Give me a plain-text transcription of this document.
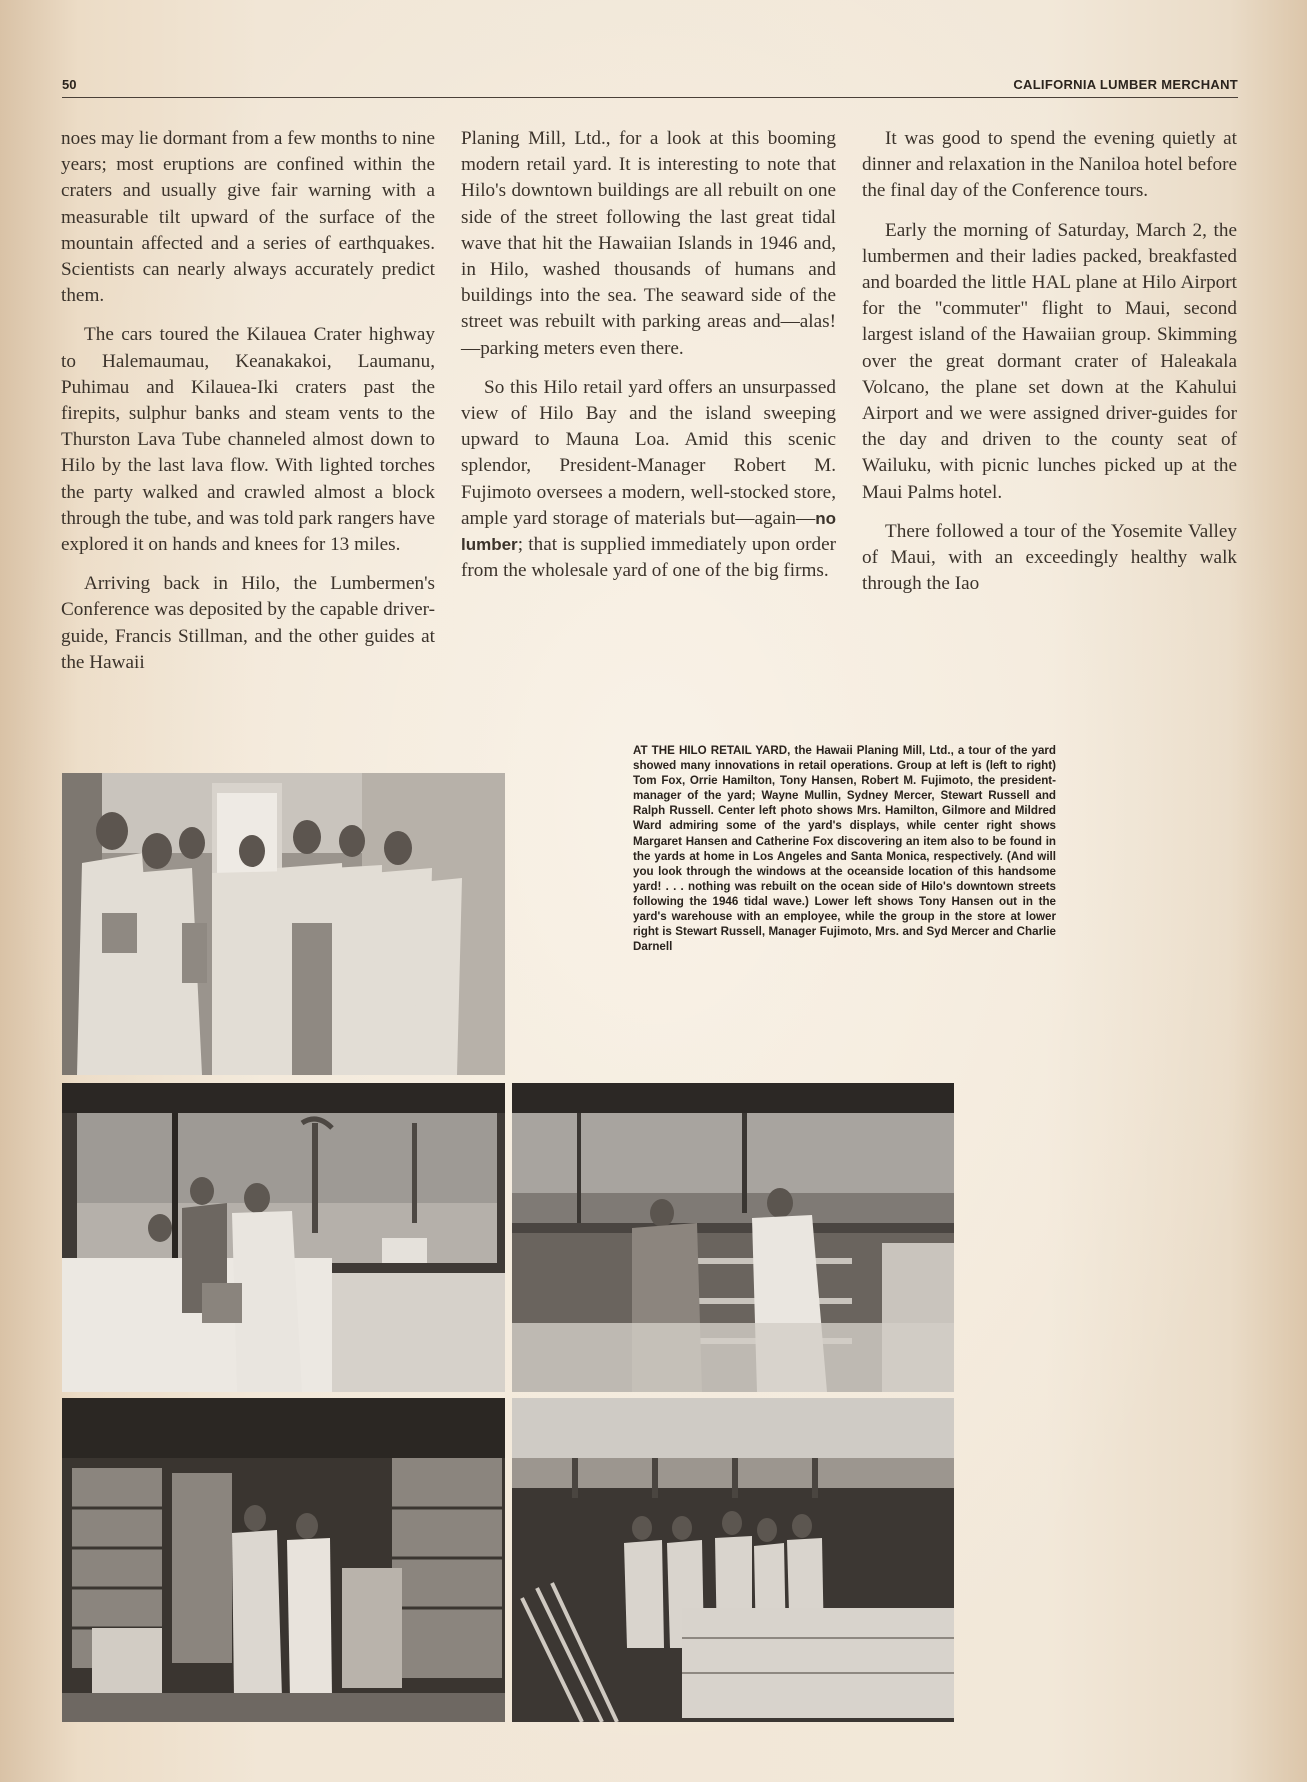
50	CALIFORNIA LUMBER MERCHANT

noes may lie dormant from a few months to nine years; most eruptions are confined within the craters and usually give fair warning with a measurable tilt upward of the surface of the mountain affected and a series of earthquakes. Scientists can nearly always accurately predict them.

The cars toured the Kilauea Crater highway to Halemaumau, Keanakakoi, Laumanu, Puhimau and Kilauea-Iki craters past the firepits, sulphur banks and steam vents to the Thurston Lava Tube channeled almost down to Hilo by the last lava flow. With lighted torches the party walked and crawled almost a block through the tube, and was told park rangers have explored it on hands and knees for 13 miles.

Arriving back in Hilo, the Lumbermen's Conference was deposited by the capable driver-guide, Francis Stillman, and the other guides at the Hawaii

Planing Mill, Ltd., for a look at this booming modern retail yard. It is interesting to note that Hilo's downtown buildings are all rebuilt on one side of the street following the last great tidal wave that hit the Hawaiian Islands in 1946 and, in Hilo, washed thousands of humans and buildings into the sea. The seaward side of the street was rebuilt with parking areas and—alas!—parking meters even there.

So this Hilo retail yard offers an unsurpassed view of Hilo Bay and the island sweeping upward to Mauna Loa. Amid this scenic splendor, President-Manager Robert M. Fujimoto oversees a modern, well-stocked store, ample yard storage of materials but—again—no lumber; that is supplied immediately upon order from the wholesale yard of one of the big firms.

It was good to spend the evening quietly at dinner and relaxation in the Naniloa hotel before the final day of the Conference tours.

Early the morning of Saturday, March 2, the lumbermen and their ladies packed, breakfasted and boarded the little HAL plane at Hilo Airport for the "commuter" flight to Maui, second largest island of the Hawaiian group. Skimming over the great dormant crater of Haleakala Volcano, the plane set down at the Kahului Airport and we were assigned driver-guides for the day and driven to the county seat of Wailuku, with picnic lunches picked up at the Maui Palms hotel.

There followed a tour of the Yosemite Valley of Maui, with an exceedingly healthy walk through the Iao

AT THE HILO RETAIL YARD, the Hawaii Planing Mill, Ltd., a tour of the yard showed many innovations in retail operations. Group at left is (left to right) Tom Fox, Orrie Hamilton, Tony Hansen, Robert M. Fujimoto, the president-manager of the yard; Wayne Mullin, Sydney Mercer, Stewart Russell and Ralph Russell. Center left photo shows Mrs. Hamilton, Gilmore and Mildred Ward admiring some of the yard's displays, while center right shows Margaret Hansen and Catherine Fox discovering an item also to be found in the yards at home in Los Angeles and Santa Monica, respectively. (And will you look through the windows at the oceanside location of this handsome yard! . . . nothing was rebuilt on the ocean side of Hilo's downtown streets following the 1946 tidal wave.) Lower left shows Tony Hansen out in the yard's warehouse with an employee, while the group in the store at lower right is Stewart Russell, Manager Fujimoto, Mrs. and Syd Mercer and Charlie Darnell
